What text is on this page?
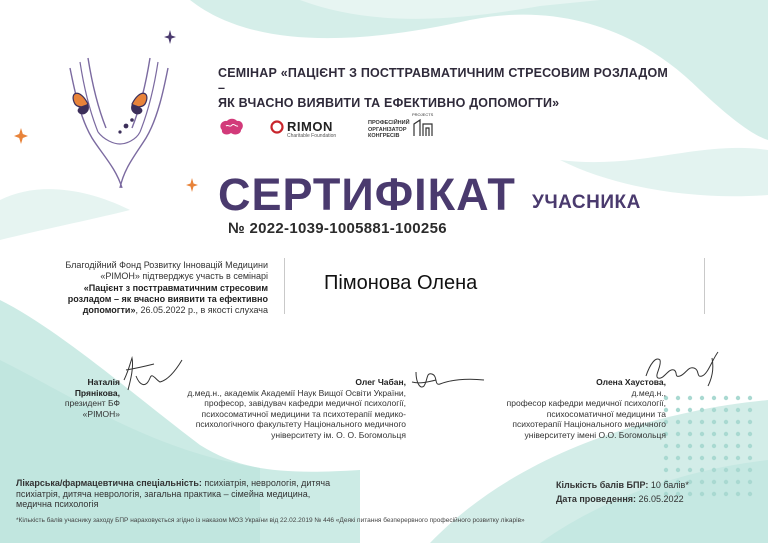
СЕМІНАР «ПАЦІЄНТ З ПОСТТРАВМАТИЧНИМ СТРЕСОВИМ РОЗЛАДОМ –
ЯК ВЧАСНО ВИЯВИТИ ТА ЕФЕКТИВНО ДОПОМОГТИ»
RIMON
Charitable Foundation
ПРОФЕСІЙНИЙ
ОРГАНІЗАТОР
КОНГРЕСІВ
PROJECTS
СЕРТИФІКАТ УЧАСНИКА
№ 2022-1039-1005881-100256
Благодійний Фонд Розвитку Інновацій Медицини
«РІМОН» підтверджує участь в семінарі
«Пацієнт з посттравматичним стресовим
розладом – як вчасно виявити та ефективно
допомогти», 26.05.2022 р., в якості слухача
Пімонова Олена
Наталія Прянікова,
президент БФ «РІМОН»
Олег Чабан,
д.мед.н., академік Академії Наук Вищої Освіти України,
професор, завідувач кафедри медичної психології,
психосоматичної медицини та психотерапії медико-
психологічного факультету Національного медичного
університету ім. О. О. Богомольця
Олена Хаустова,
д.мед.н.,
професор кафедри медичної психології,
психосоматичної медицини та
психотерапії Національного медичного
університету імені О.О. Богомольця
Лікарська/фармацевтична спеціальність: психіатрія, неврологія, дитяча
психіатрія, дитяча неврологія, загальна практика – сімейна медицина,
медична психологія
Кількість балів БПР: 10 балів*
Дата проведення: 26.05.2022
*Кількість балів учаснику заходу БПР нараховується згідно із наказом МОЗ України від 22.02.2019 № 446 «Деякі питання безперервного професійного розвитку лікарів»
